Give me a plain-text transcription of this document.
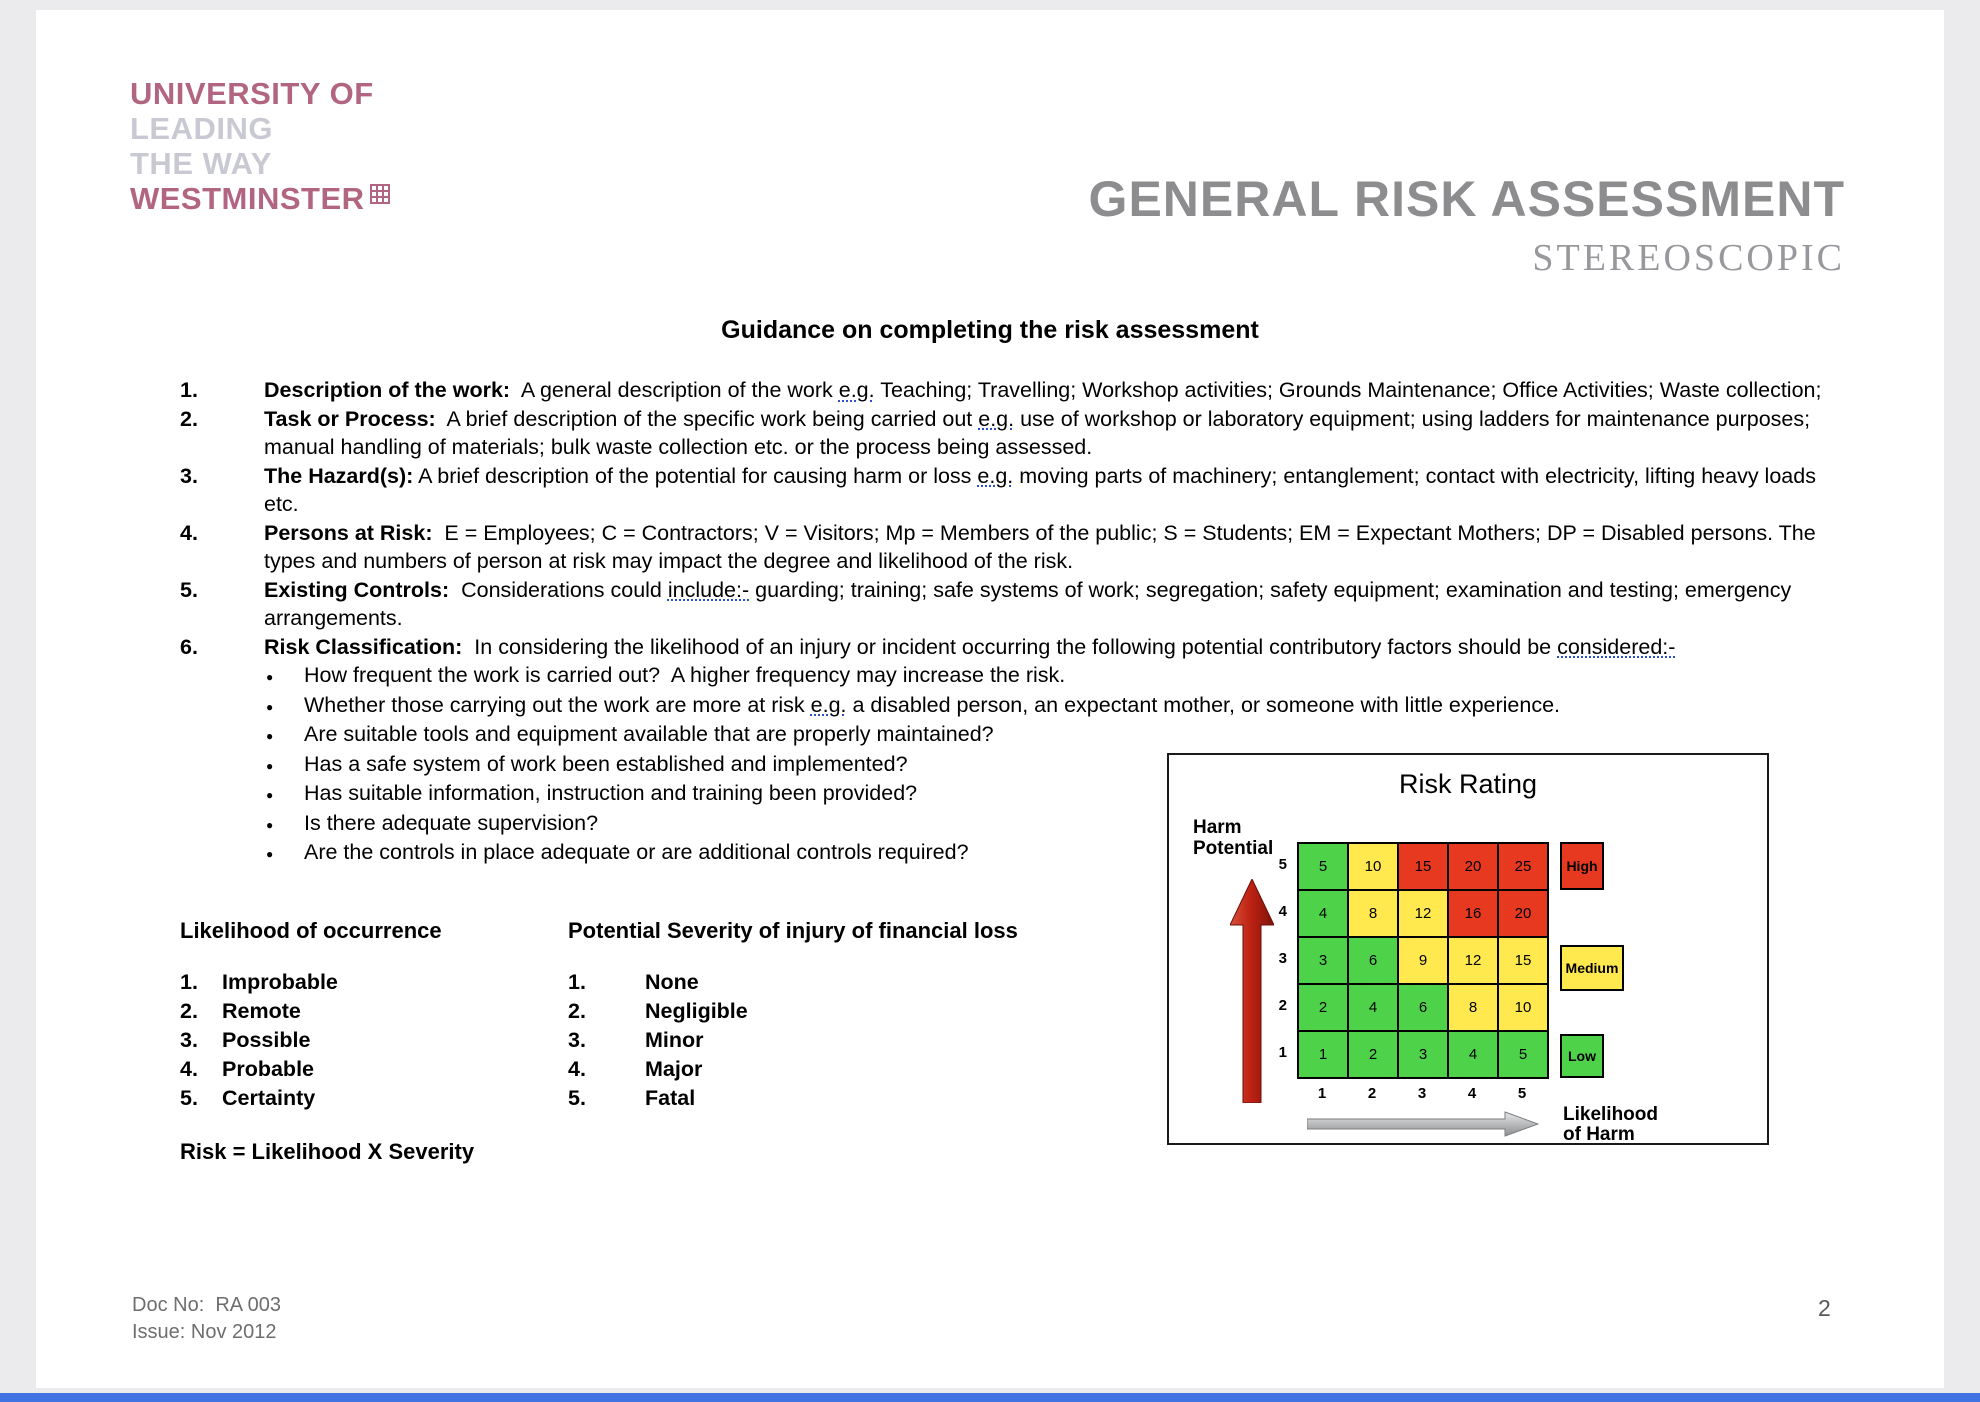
UNIVERSITY OF
LEADING
THE WAY
WESTMINSTER	GENERAL RISK ASSESSMENT
STEREOSCOPIC
Guidance on completing the risk assessment
1.	Description of the work:  A general description of the work e.g. Teaching; Travelling; Workshop activities; Grounds Maintenance; Office Activities; Waste collection;
2.	Task or Process:  A brief description of the specific work being carried out e.g. use of workshop or laboratory equipment; using ladders for maintenance purposes; manual handling of materials; bulk waste collection etc. or the process being assessed.
3.	The Hazard(s): A brief description of the potential for causing harm or loss e.g. moving parts of machinery; entanglement; contact with electricity, lifting heavy loads etc.
4.	Persons at Risk:  E = Employees; C = Contractors; V = Visitors; Mp = Members of the public; S = Students; EM = Expectant Mothers; DP = Disabled persons. The types and numbers of person at risk may impact the degree and likelihood of the risk.
5.	Existing Controls:  Considerations could include:- guarding; training; safe systems of work; segregation; safety equipment; examination and testing; emergency arrangements.
6.	Risk Classification:  In considering the likelihood of an injury or incident occurring the following potential contributory factors should be considered:-
● How frequent the work is carried out?  A higher frequency may increase the risk.
● Whether those carrying out the work are more at risk e.g. a disabled person, an expectant mother, or someone with little experience.
● Are suitable tools and equipment available that are properly maintained?
● Has a safe system of work been established and implemented?
● Has suitable information, instruction and training been provided?
● Is there adequate supervision?
● Are the controls in place adequate or are additional controls required?
Likelihood of occurrence
1. Improbable
2. Remote
3. Possible
4. Probable
5. Certainty
Potential Severity of injury of financial loss
1.	None
2.	Negligible
3.	Minor
4.	Major
5.	Fatal
Risk = Likelihood X Severity
Risk Rating
Harm Potential
5
4
3
2
1
5	10	15	20	25
4	8	12	16	20
3	6	9	12	15
2	4	6	8	10
1	2	3	4	5
1	2	3	4	5
Likelihood of Harm
High
Medium
Low
Doc No:  RA 003
Issue: Nov 2012
2
